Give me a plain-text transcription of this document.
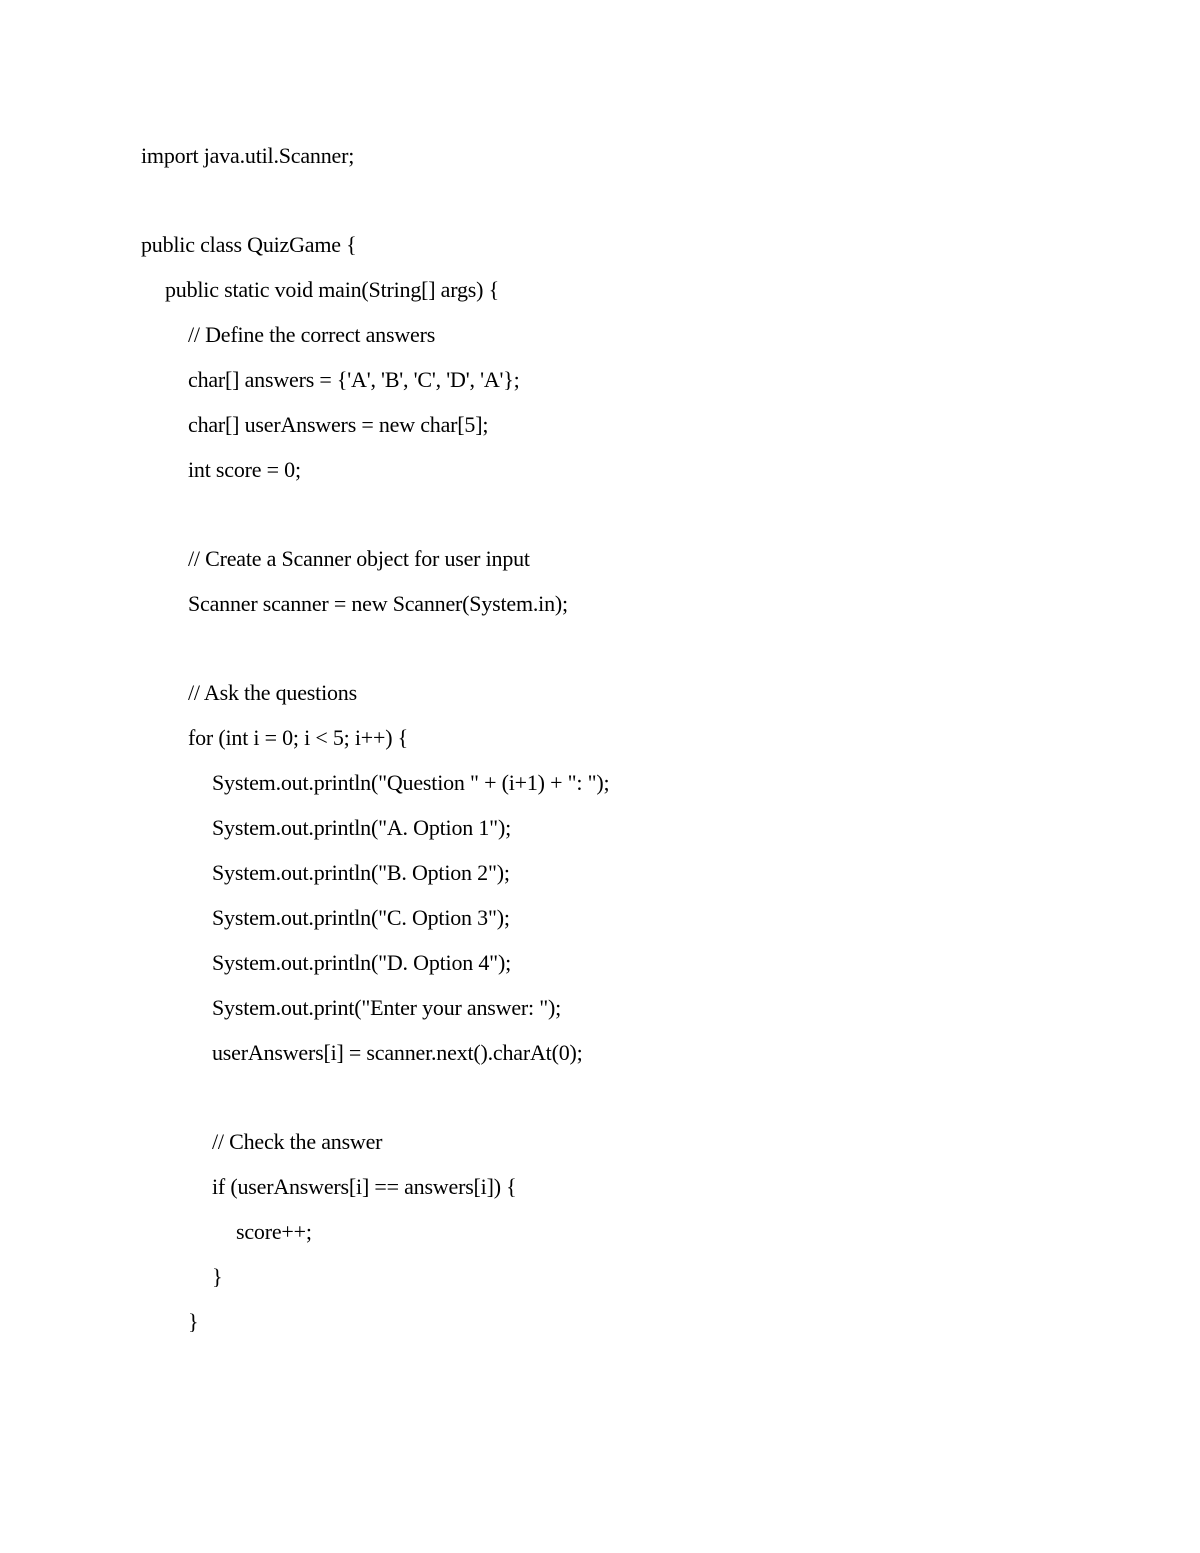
import java.util.Scanner;
public class QuizGame {
public static void main(String[] args) {
// Define the correct answers
char[] answers = {'A', 'B', 'C', 'D', 'A'};
char[] userAnswers = new char[5];
int score = 0;
// Create a Scanner object for user input
Scanner scanner = new Scanner(System.in);
// Ask the questions
for (int i = 0; i < 5; i++) {
System.out.println("Question " + (i+1) + ": ");
System.out.println("A. Option 1");
System.out.println("B. Option 2");
System.out.println("C. Option 3");
System.out.println("D. Option 4");
System.out.print("Enter your answer: ");
userAnswers[i] = scanner.next().charAt(0);
// Check the answer
if (userAnswers[i] == answers[i]) {
score++;
}
}
